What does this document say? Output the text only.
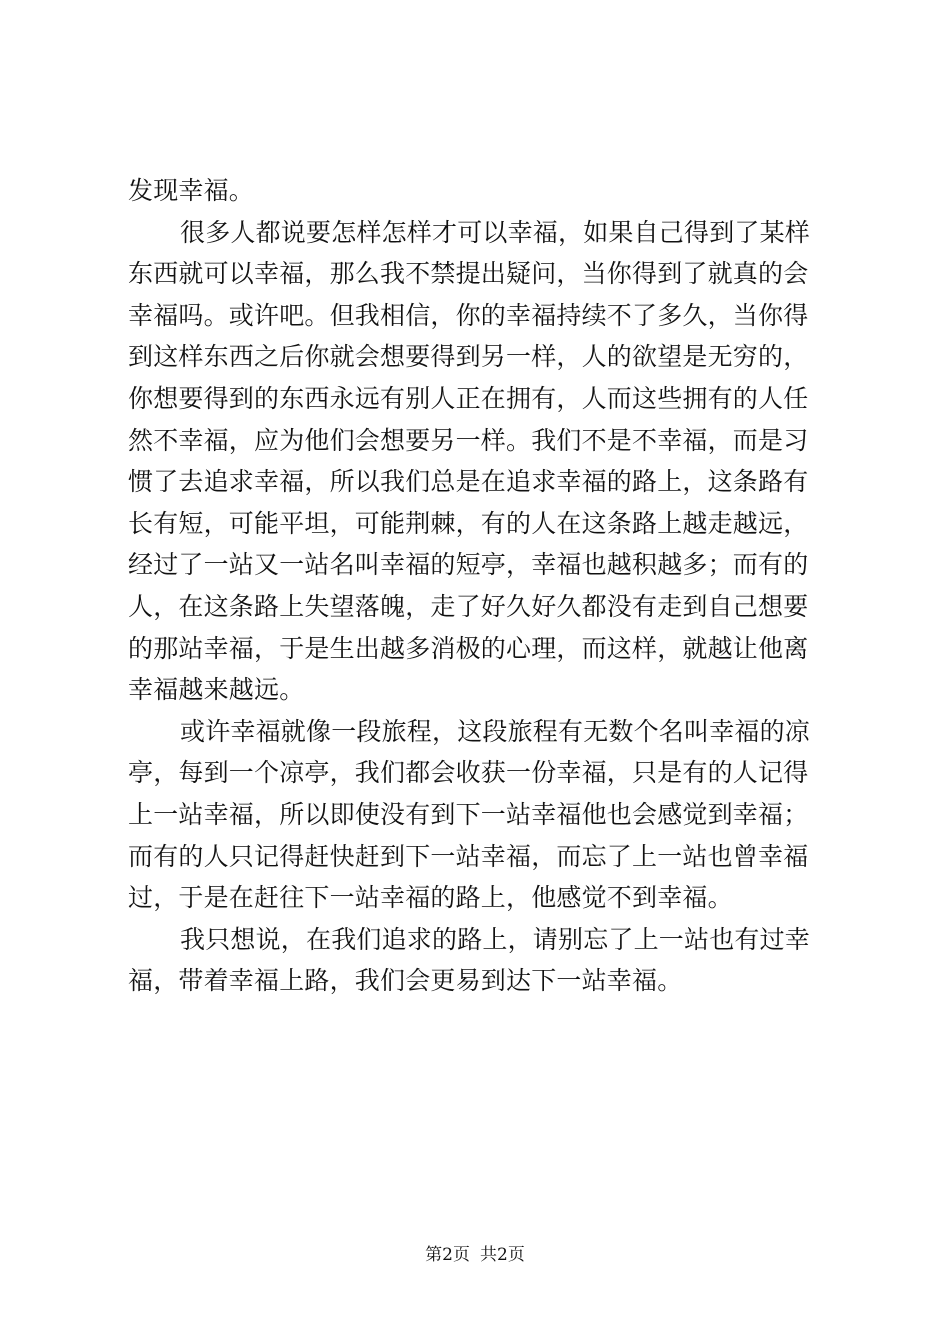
发现幸福。
很多人都说要怎样怎样才可以幸福，如果自己得到了某样
东西就可以幸福，那么我不禁提出疑问，当你得到了就真的会
幸福吗。或许吧。但我相信，你的幸福持续不了多久，当你得
到这样东西之后你就会想要得到另一样，人的欲望是无穷的，
你想要得到的东西永远有别人正在拥有，人而这些拥有的人任
然不幸福，应为他们会想要另一样。我们不是不幸福，而是习
惯了去追求幸福，所以我们总是在追求幸福的路上，这条路有
长有短，可能平坦，可能荆棘，有的人在这条路上越走越远，
经过了一站又一站名叫幸福的短亭，幸福也越积越多；而有的
人，在这条路上失望落魄，走了好久好久都没有走到自己想要
的那站幸福，于是生出越多消极的心理，而这样，就越让他离
幸福越来越远。
或许幸福就像一段旅程，这段旅程有无数个名叫幸福的凉
亭，每到一个凉亭，我们都会收获一份幸福，只是有的人记得
上一站幸福，所以即使没有到下一站幸福他也会感觉到幸福；
而有的人只记得赶快赶到下一站幸福，而忘了上一站也曾幸福
过，于是在赶往下一站幸福的路上，他感觉不到幸福。
我只想说，在我们追求的路上，请别忘了上一站也有过幸
福，带着幸福上路，我们会更易到达下一站幸福。
第2页 共2页
